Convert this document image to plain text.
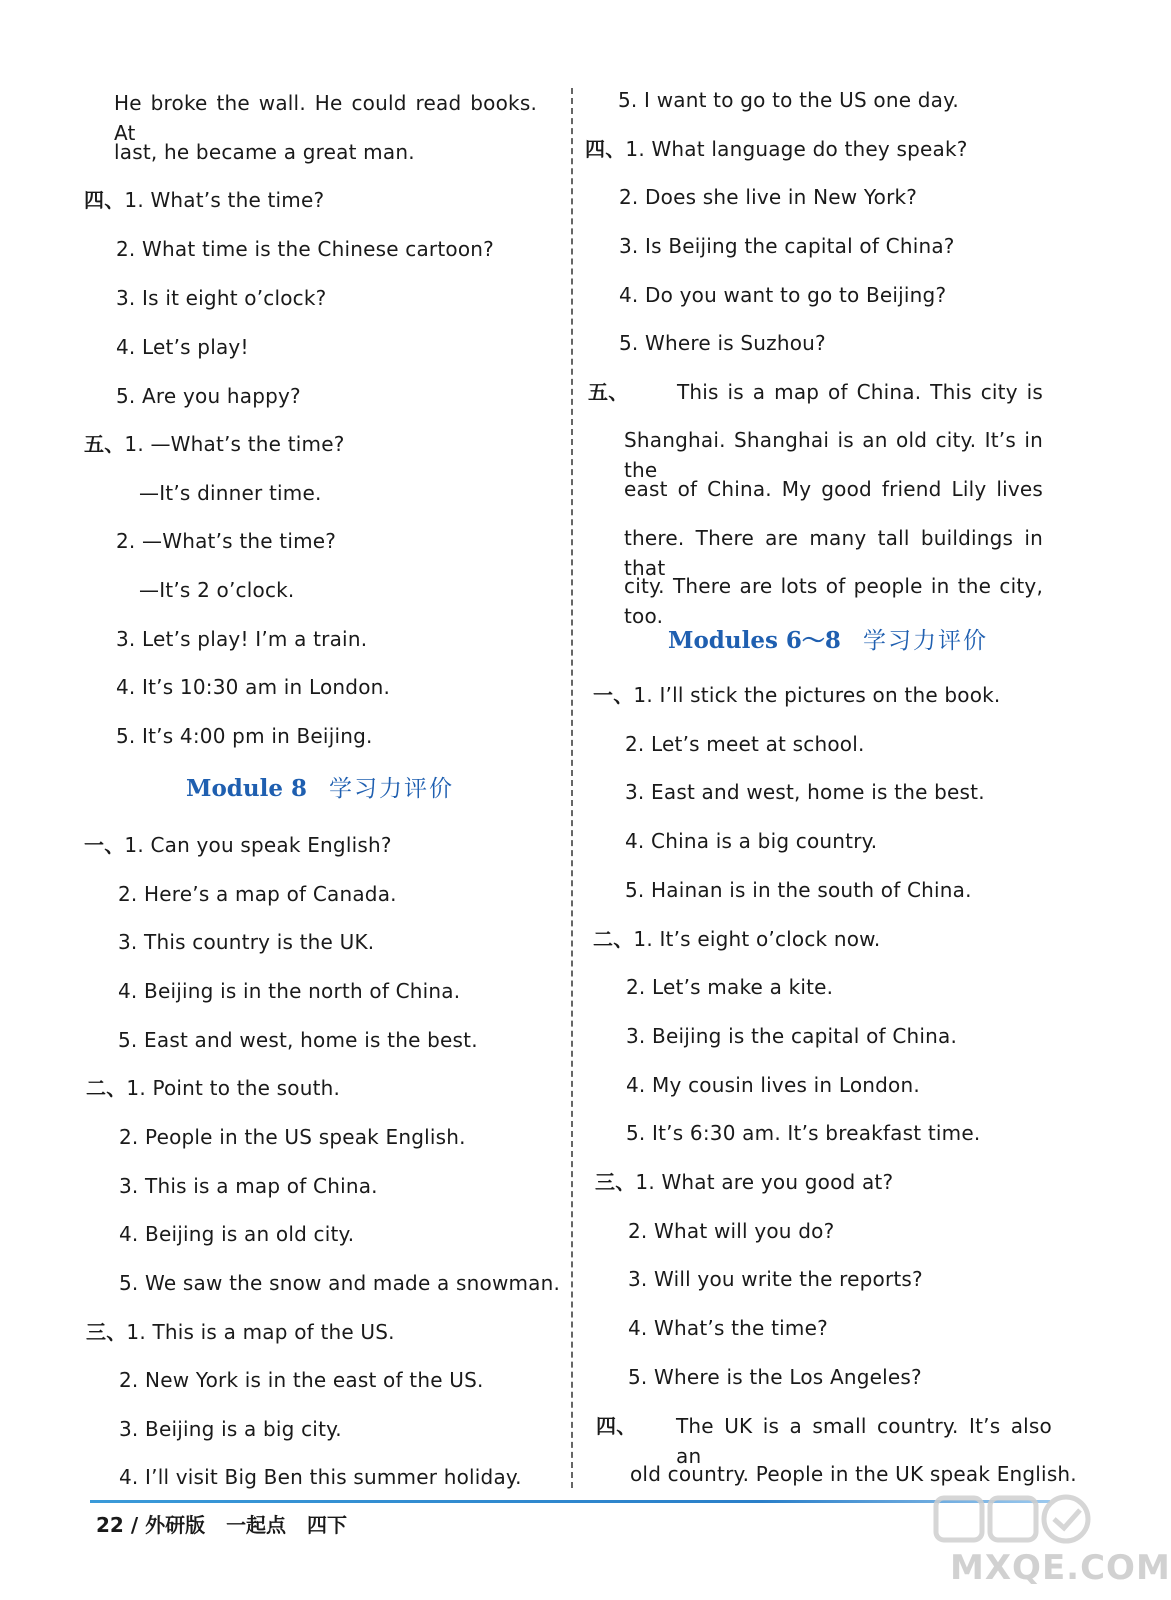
He broke the wall. He could read books. At
last, he became a great man.
四、1. What’s the time?
2. What time is the Chinese cartoon?
3. Is it eight o’clock?
4. Let’s play!
5. Are you happy?
五、1. —What’s the time?
—It’s dinner time.
2. —What’s the time?
—It’s 2 o’clock.
3. Let’s play! I’m a train.
4. It’s 10:30 am in London.
5. It’s 4:00 pm in Beijing.
Module 8 学习力评价
一、1. Can you speak English?
2. Here’s a map of Canada.
3. This country is the UK.
4. Beijing is in the north of China.
5. East and west, home is the best.
二、1. Point to the south.
2. People in the US speak English.
3. This is a map of China.
4. Beijing is an old city.
5. We saw the snow and made a snowman.
三、1. This is a map of the US.
2. New York is in the east of the US.
3. Beijing is a big city.
4. I’ll visit Big Ben this summer holiday.
5. I want to go to the US one day.
四、1. What language do they speak?
2. Does she live in New York?
3. Is Beijing the capital of China?
4. Do you want to go to Beijing?
5. Where is Suzhou?
五、 This is a map of China. This city is
Shanghai. Shanghai is an old city. It’s in the
east of China. My good friend Lily lives
there. There are many tall buildings in that
city. There are lots of people in the city, too.
Modules 6～8 学习力评价
一、1. I’ll stick the pictures on the book.
2. Let’s meet at school.
3. East and west, home is the best.
4. China is a big country.
5. Hainan is in the south of China.
二、1. It’s eight o’clock now.
2. Let’s make a kite.
3. Beijing is the capital of China.
4. My cousin lives in London.
5. It’s 6:30 am. It’s breakfast time.
三、1. What are you good at?
2. What will you do?
3. Will you write the reports?
4. What’s the time?
5. Where is the Los Angeles?
四、 The UK is a small country. It’s also an
old country. People in the UK speak English.
22 / 外研版 一起点 四下
MXQE.COM
